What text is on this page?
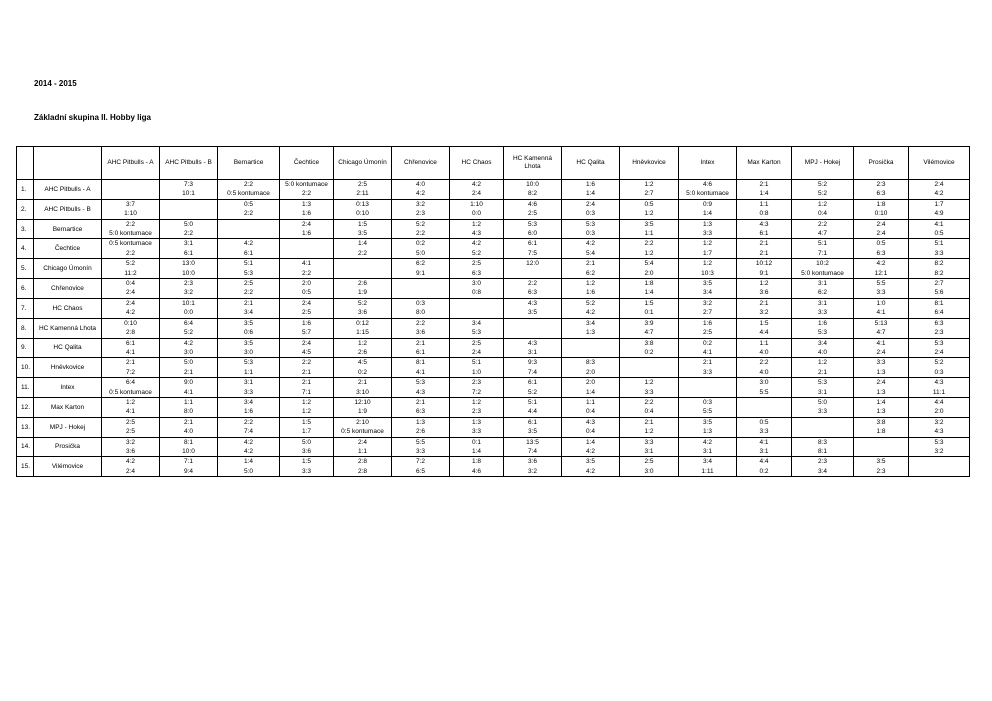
2014 - 2015
Základní skupina II. Hobby liga
		AHC Pitbulls - A	AHC Pitbulls - B	Bernartice	Čechtice	Chicago Úmonín	Chřenovice	HC Chaos	HC Kamenná Lhota	HC Qalita	Hněvkovice	Intex	Max Karton	MPJ - Hokej	Prosička	Vilémovice
1.	AHC Pitbulls - A		7:3	2:2	5:0 kontumace	2:5	4:0	4:2	10:0	1:6	1:2	4:6	2:1	5:2	2:3	2:4
			10:1	0:5 kontumace	2:2	2:11	4:2	2:4	8:2	1:4	2:7	5:0 kontumace	1:4	5:2	6:3	4:2
2.	AHC Pitbulls - B	3:7		0:5	1:3	0:13	3:2	1:10	4:6	2:4	0:5	0:9	1:1	1:2	1:8	1:7
		1:10		2:2	1:6	0:10	2:3	0:0	2:5	0:3	1:2	1:4	0:8	0:4	0:10	4:9
3.	Bernartice	2:2	5:0		2:4	1:5	5:2	1:2	5:3	5:3	3:5	1:3	4:3	2:2	2:4	4:1
		5:0 kontumace	2:2		1:6	3:5	2:2	4:3	6:0	0:3	1:1	3:3	6:1	4:7	2:4	0:5
4.	Čechtice	0:5 kontumace	3:1	4:2		1:4	0:2	4:2	6:1	4:2	2:2	1:2	2:1	5:1	0:5	5:1
		2:2	6:1	6:1		2:2	5:0	5:2	7:5	5:4	1:2	1:7	2:1	7:1	6:3	3:3
5.	Chicago Úmonín	5:2	13:0	5:1	4:1		6:2	2:5	12:0	2:1	5:4	1:2	10:12	10:2	4:2	8:2
		11:2	10:0	5:3	2:2		9:1	6:3		6:2	2:0	10:3	9:1	5:0 kontumace	12:1	8:2
6.	Chřenovice	0:4	2:3	2:5	2:0	2:6		3:0	2:2	1:2	1:8	3:5	1:2	3:1	5:5	2:7
		2:4	3:2	2:2	0:5	1:9		0:8	6:3	1:6	1:4	3:4	3:6	6:2	3:3	5:6
7.	HC Chaos	2:4	10:1	2:1	2:4	5:2	0:3		4:3	5:2	1:5	3:2	2:1	3:1	1:0	8:1
		4:2	0:0	3:4	2:5	3:6	8:0		3:5	4:2	0:1	2:7	3:2	3:3	4:1	6:4
8.	HC Kamenná Lhota	0:10	6:4	3:5	1:6	0:12	2:2	3:4		3:4	3:9	1:6	1:5	1:6	5:13	6:3
		2:8	5:2	0:6	5:7	1:15	3:6	5:3		1:3	4:7	2:5	4:4	5:3	4:7	2:3
9.	HC Qalita	6:1	4:2	3:5	2:4	1:2	2:1	2:5	4:3		3:8	0:2	1:1	3:4	4:1	5:3
		4:1	3:0	3:0	4:5	2:6	6:1	2:4	3:1		0:2	4:1	4:0	4:0	2:4	2:4
10.	Hněvkovice	2:1	5:0	5:3	2:2	4:5	8:1	5:1	9:3	8:3		2:1	2:2	1:2	3:3	5:2
		7:2	2:1	1:1	2:1	0:2	4:1	1:0	7:4	2:0		3:3	4:0	2:1	1:3	0:3
11.	Intex	6:4	9:0	3:1	2:1	2:1	5:3	2:3	6:1	2:0	1:2		3:0	5:3	2:4	4:3
		0:5 kontumace	4:1	3:3	7:1	3:10	4:3	7:2	5:2	1:4	3:3		5:5	3:1	1:3	11:1
12.	Max Karton	1:2	1:1	3:4	1:2	12:10	2:1	1:2	5:1	1:1	2:2	0:3		5:0	1:4	4:4
		4:1	8:0	1:6	1:2	1:9	6:3	2:3	4:4	0:4	0:4	5:5		3:3	1:3	2:0
13.	MPJ - Hokej	2:5	2:1	2:2	1:5	2:10	1:3	1:3	6:1	4:3	2:1	3:5	0:5		3:8	3:2
		2:5	4:0	7:4	1:7	0:5 kontumace	2:6	3:3	3:5	0:4	1:2	1:3	3:3		1:8	4:3
14.	Prosička	3:2	8:1	4:2	5:0	2:4	5:5	0:1	13:5	1:4	3:3	4:2	4:1	8:3		5:3
		3:6	10:0	4:2	3:6	1:1	3:3	1:4	7:4	4:2	3:1	3:1	3:1	8:1		3:2
15.	Vilémovice	4:2	7:1	1:4	1:5	2:8	7:2	1:8	3:6	3:5	2:5	3:4	4:4	2:3	3:5	
		2:4	9:4	5:0	3:3	2:8	6:5	4:6	3:2	4:2	3:0	1:11	0:2	3:4	2:3	
